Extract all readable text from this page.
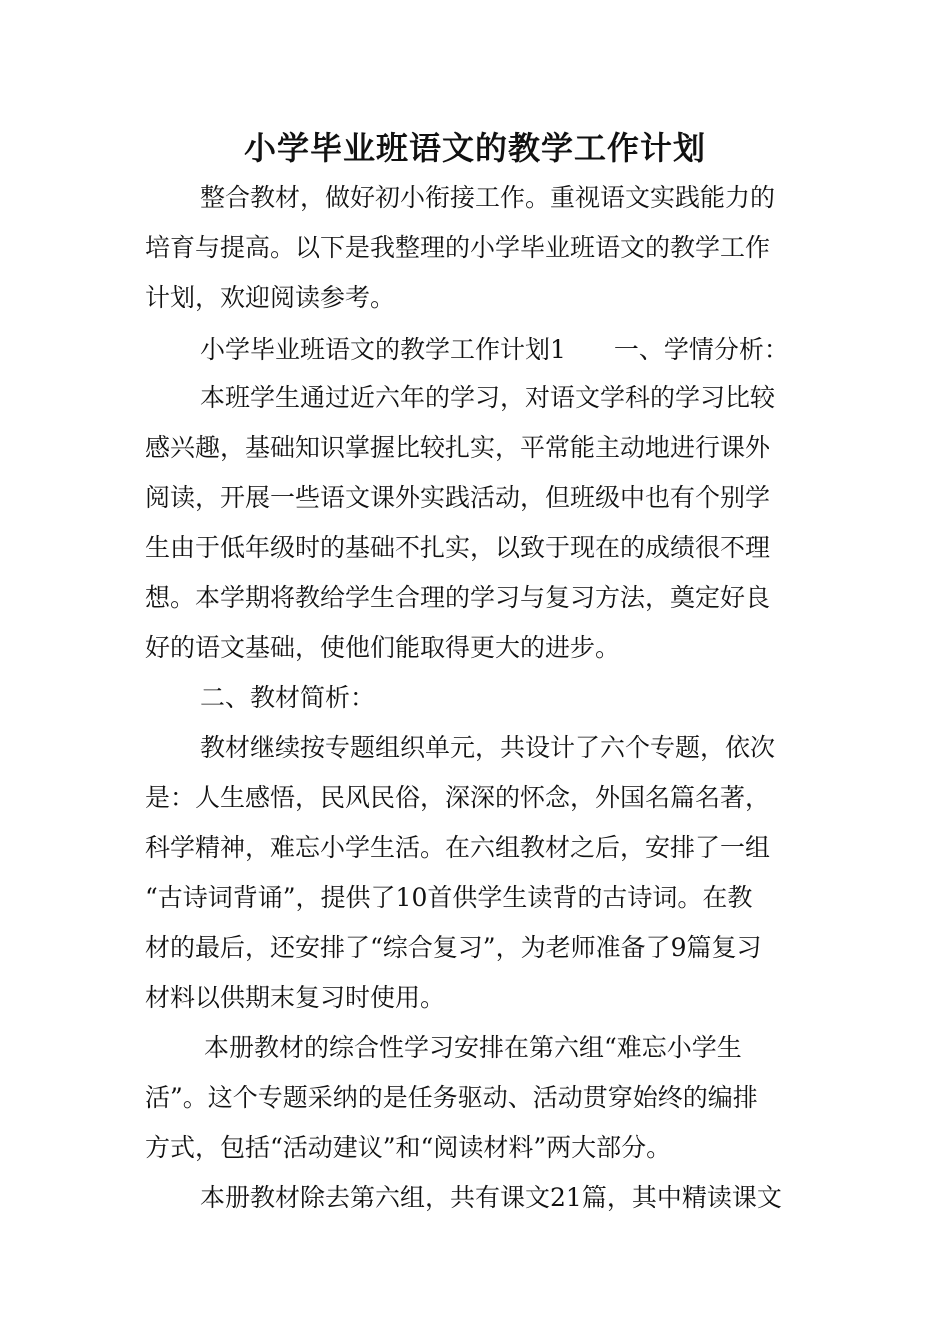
小学毕业班语文的教学工作计划
整合教材，做好初小衔接工作。重视语文实践能力的
培育与提高。以下是我整理的小学毕业班语文的教学工作
计划，欢迎阅读参考。
小学毕业班语文的教学工作计划1 一、学情分析：
本班学生通过近六年的学习，对语文学科的学习比较
感兴趣，基础知识掌握比较扎实，平常能主动地进行课外
阅读，开展一些语文课外实践活动，但班级中也有个别学
生由于低年级时的基础不扎实，以致于现在的成绩很不理
想。本学期将教给学生合理的学习与复习方法，奠定好良
好的语文基础，使他们能取得更大的进步。
二、教材简析：
教材继续按专题组织单元，共设计了六个专题，依次
是：人生感悟，民风民俗，深深的怀念，外国名篇名著，
科学精神，难忘小学生活。在六组教材之后，安排了一组
“古诗词背诵”，提供了10首供学生读背的古诗词。在教
材的最后，还安排了“综合复习”，为老师准备了9篇复习
材料以供期末复习时使用。
本册教材的综合性学习安排在第六组“难忘小学生
活”。这个专题采纳的是任务驱动、活动贯穿始终的编排
方式，包括“活动建议”和“阅读材料”两大部分。
本册教材除去第六组，共有课文21篇，其中精读课文
